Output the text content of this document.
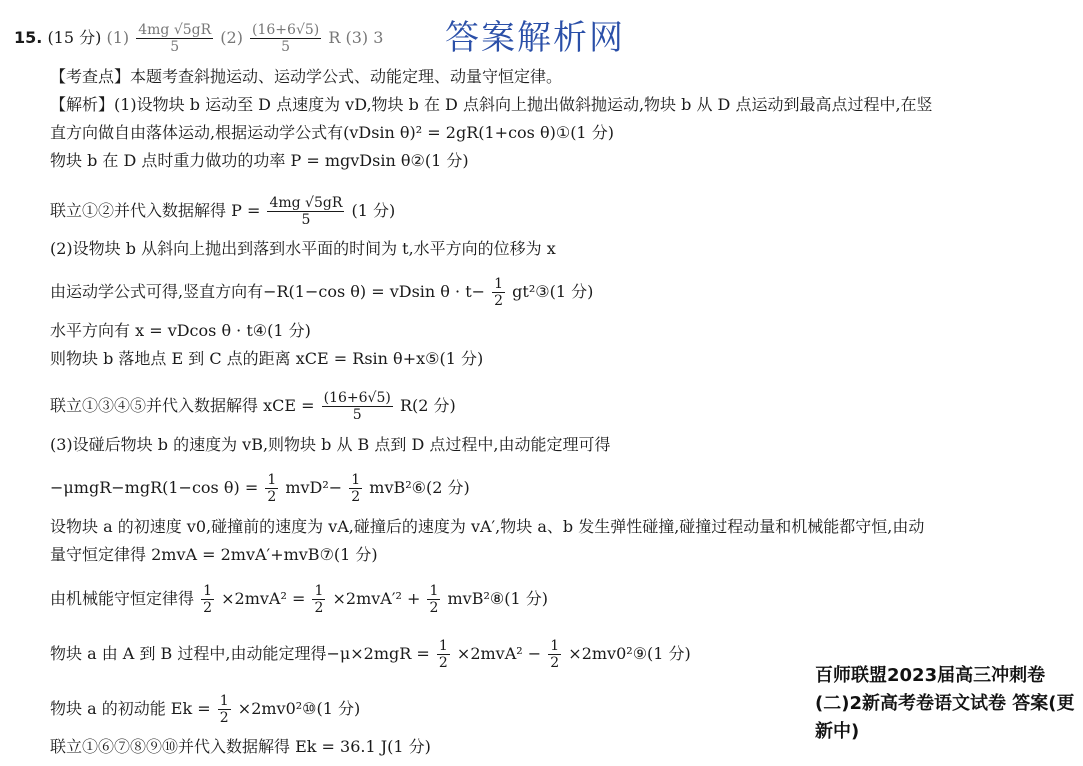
15. (15 分) $(1) \frac{4mg √5gR}{5} (2) \frac{(16+6√5)}{5}$ R (3) 3 答案解析网
【考查点】本题考查斜抛运动、运动学公式、动能定理、动量守恒定律。
【解析】(1)设物块 b 运动至 D 点速度为 vD,物块 b 在 D 点斜向上抛出做斜抛运动,物块 b 从 D 点运动到最高点过程中,在竖
直方向做自由落体运动,根据运动学公式有(vDsin θ)² = 2gR(1+cos θ)①(1 分)
物块 b 在 D 点时重力做功的功率 P = mgvDsin θ②(1 分)
联立①②并代入数据解得 $P = \frac{4mg √5gR}{5} (1$ 分)
(2)设物块 b 从斜向上抛出到落到水平面的时间为 t,水平方向的位移为 x
由运动学公式可得,竖直方向有−R(1−cos θ) = vDsin $\theta \cdot t- \frac{1}{2}$ gt²③(1 分)
水平方向有 x = vDcos θ · t④(1 分)
则物块 b 落地点 E 到 C 点的距离 xCE = Rsin θ+x⑤(1 分)
联立①③④⑤并代入数据解得 xCE = $\frac{(16+6√5)}{5} R(2$ 分)
(3)设碰后物块 b 的速度为 vB,则物块 b 从 B 点到 D 点过程中,由动能定理可得
−μmgR−mgR(1−cos $\theta) = \frac{1}{2} mvD^2- \frac{1}{2}$ mvB²⑥(2 分)
设物块 a 的初速度 v0,碰撞前的速度为 vA,碰撞后的速度为 vA′,物块 a、b 发生弹性碰撞,碰撞过程动量和机械能都守恒,由动
量守恒定律得 2mvA = 2mvA′+mvB⑦(1 分)
由机械能守恒定律得 $\frac{1}{2} \times 2mvA^2 = \frac{1}{2} \times 2mvA'^2 + \frac{1}{2}$ mvB²⑧(1 分)
物块 a 由 A 到 B 过程中,由动能定理得$-\mu\times 2mgR = \frac{1}{2} \times 2mvA^2 - \frac{1}{2}$ ×2mv0²⑨(1 分)
物块 a 的初动能 $Ek = \frac{1}{2}$ ×2mv0²⑩(1 分)
联立①⑥⑦⑧⑨⑩并代入数据解得 Ek = 36.1 J(1 分)
百师联盟2023届高三冲刺卷(二)2新高考卷语文试卷 答案(更新中)
